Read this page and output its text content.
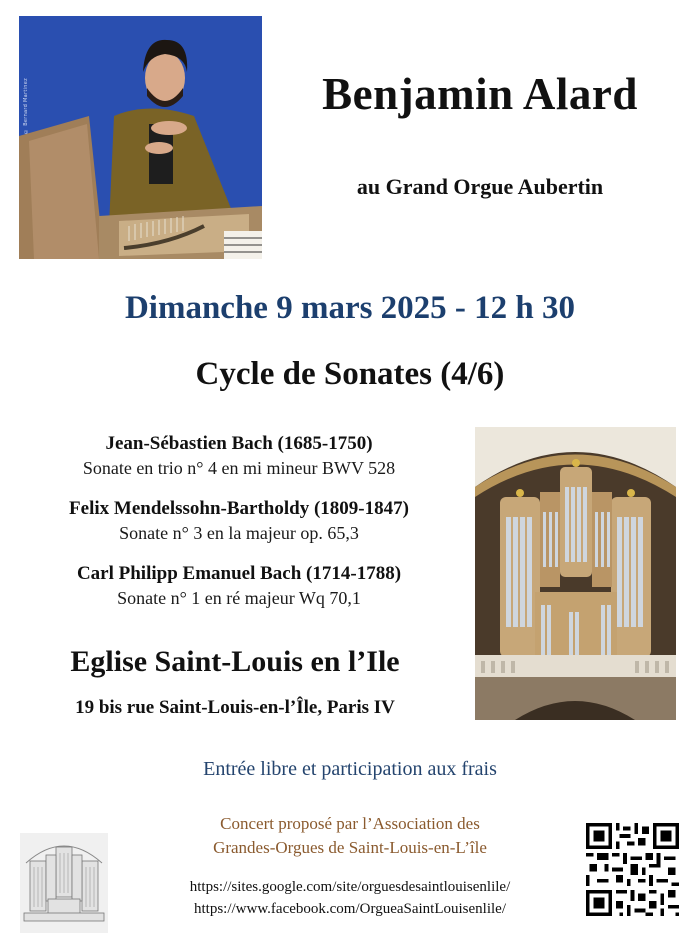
© Bernard Martinez	Benjamin Alard
au Grand Orgue Aubertin
Dimanche 9 mars 2025 - 12 h 30
Cycle de Sonates (4/6)
Jean-Sébastien Bach (1685-1750)
Sonate en trio n° 4 en mi mineur BWV 528
Felix Mendelssohn-Bartholdy (1809-1847)
Sonate n° 3 en la majeur op. 65,3
Carl Philipp Emanuel Bach (1714-1788)
Sonate n° 1 en ré majeur Wq 70,1
Eglise Saint-Louis en l’Ile
19 bis rue Saint-Louis-en-l’Île, Paris IV
Entrée libre et participation aux frais
Concert proposé par l’Association des
Grandes-Orgues de Saint-Louis-en-L’île
https://sites.google.com/site/orguesdesaintlouisenlile/
https://www.facebook.com/OrgueaSaintLouisenlile/
